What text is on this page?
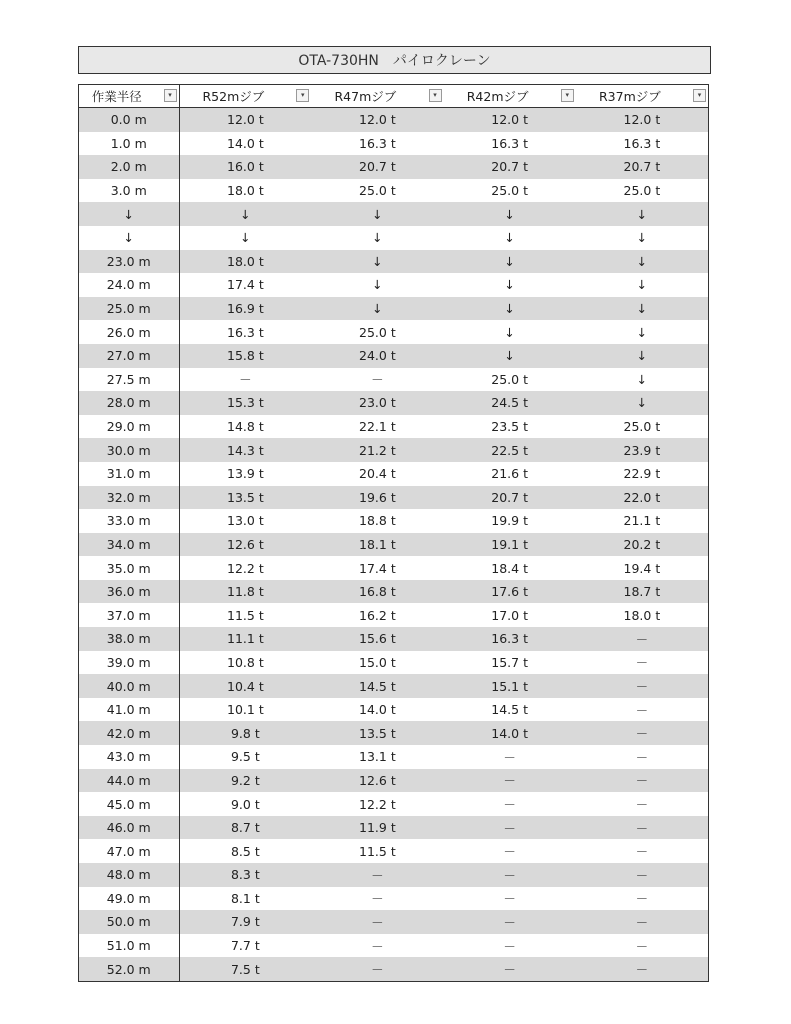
OTA-730HN　パイロクレーン
作業半径 ▾	R52mジブ ▾	R47mジブ ▾	R42mジブ ▾	R37mジブ ▾

0.0 m	12.0 t	12.0 t	12.0 t	12.0 t
1.0 m	14.0 t	16.3 t	16.3 t	16.3 t
2.0 m	16.0 t	20.7 t	20.7 t	20.7 t
3.0 m	18.0 t	25.0 t	25.0 t	25.0 t
↓	↓	↓	↓	↓
↓	↓	↓	↓	↓
23.0 m	18.0 t	↓	↓	↓
24.0 m	17.4 t	↓	↓	↓
25.0 m	16.9 t	↓	↓	↓
26.0 m	16.3 t	25.0 t	↓	↓
27.0 m	15.8 t	24.0 t	↓	↓
27.5 m	－	－	25.0 t	↓
28.0 m	15.3 t	23.0 t	24.5 t	↓
29.0 m	14.8 t	22.1 t	23.5 t	25.0 t
30.0 m	14.3 t	21.2 t	22.5 t	23.9 t
31.0 m	13.9 t	20.4 t	21.6 t	22.9 t
32.0 m	13.5 t	19.6 t	20.7 t	22.0 t
33.0 m	13.0 t	18.8 t	19.9 t	21.1 t
34.0 m	12.6 t	18.1 t	19.1 t	20.2 t
35.0 m	12.2 t	17.4 t	18.4 t	19.4 t
36.0 m	11.8 t	16.8 t	17.6 t	18.7 t
37.0 m	11.5 t	16.2 t	17.0 t	18.0 t
38.0 m	11.1 t	15.6 t	16.3 t	－
39.0 m	10.8 t	15.0 t	15.7 t	－
40.0 m	10.4 t	14.5 t	15.1 t	－
41.0 m	10.1 t	14.0 t	14.5 t	－
42.0 m	9.8 t	13.5 t	14.0 t	－
43.0 m	9.5 t	13.1 t	－	－
44.0 m	9.2 t	12.6 t	－	－
45.0 m	9.0 t	12.2 t	－	－
46.0 m	8.7 t	11.9 t	－	－
47.0 m	8.5 t	11.5 t	－	－
48.0 m	8.3 t	－	－	－
49.0 m	8.1 t	－	－	－
50.0 m	7.9 t	－	－	－
51.0 m	7.7 t	－	－	－
52.0 m	7.5 t	－	－	－
